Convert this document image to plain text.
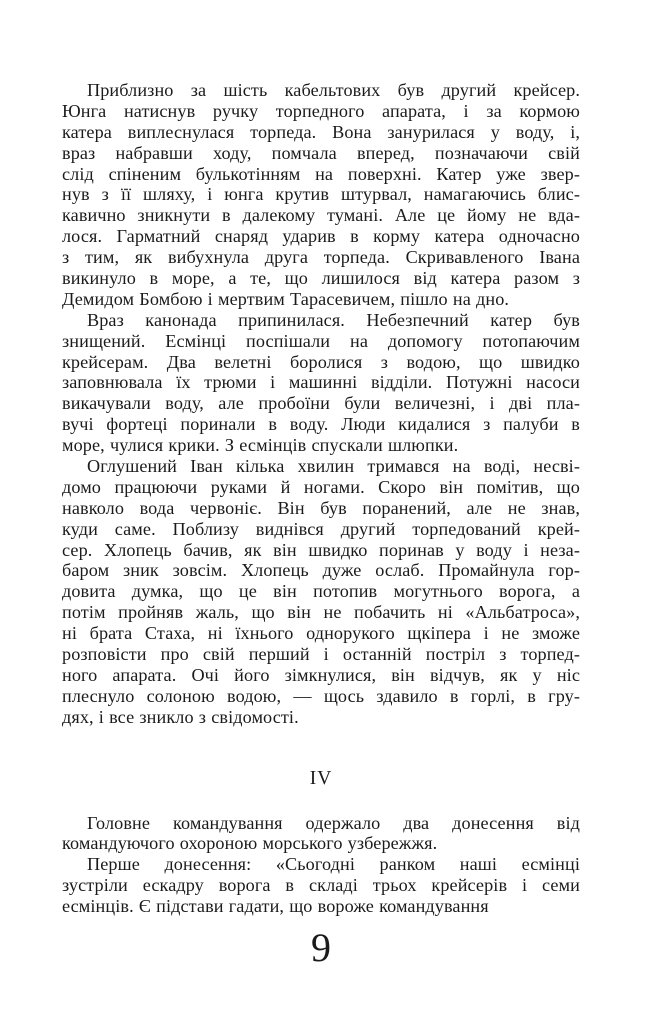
Приблизно за шість кабельтових був другий крейсер.
Юнга натиснув ручку торпедного апарата, і за кормою
катера виплеснулася торпеда. Вона занурилася у воду, і,
враз набравши ходу, помчала вперед, позначаючи свій
слід спіненим булькотінням на поверхні. Катер уже звер-
нув з її шляху, і юнга крутив штурвал, намагаючись блис-
кавично зникнути в далекому тумані. Але це йому не вда-
лося. Гарматний снаряд ударив в корму катера одночасно
з тим, як вибухнула друга торпеда. Скривавленого Івана
викинуло в море, а те, що лишилося від катера разом з
Демидом Бомбою і мертвим Тарасевичем, пішло на дно.
Враз канонада припинилася. Небезпечний катер був
знищений. Есмінці поспішали на допомогу потопаючим
крейсерам. Два велетні боролися з водою, що швидко
заповнювала їх трюми і машинні відділи. Потужні насоси
викачували воду, але пробоїни були величезні, і дві пла-
вучі фортеці поринали в воду. Люди кидалися з палуби в
море, чулися крики. З есмінців спускали шлюпки.
Оглушений Іван кілька хвилин тримався на воді, несві-
домо працюючи руками й ногами. Скоро він помітив, що
навколо вода червоніє. Він був поранений, але не знав,
куди саме. Поблизу виднівся другий торпедований крей-
сер. Хлопець бачив, як він швидко поринав у воду і неза-
баром зник зовсім. Хлопець дуже ослаб. Промайнула гор-
довита думка, що це він потопив могутнього ворога, а
потім пройняв жаль, що він не побачить ні «Альбатроса»,
ні брата Стаха, ні їхнього однорукого щкіпера і не зможе
розповісти про свій перший і останній постріл з торпед-
ного апарата. Очі його зімкнулися, він відчув, як у ніс
плеснуло солоною водою, — щось здавило в горлі, в гру-
дях, і все зникло з свідомості.
IV
Головне командування одержало два донесення від
командуючого охороною морського узбережжя.
Перше донесення: «Сьогодні ранком наші есмінці
зустріли ескадру ворога в складі трьох крейсерів і семи
есмінців. Є підстави гадати, що вороже командування
9
